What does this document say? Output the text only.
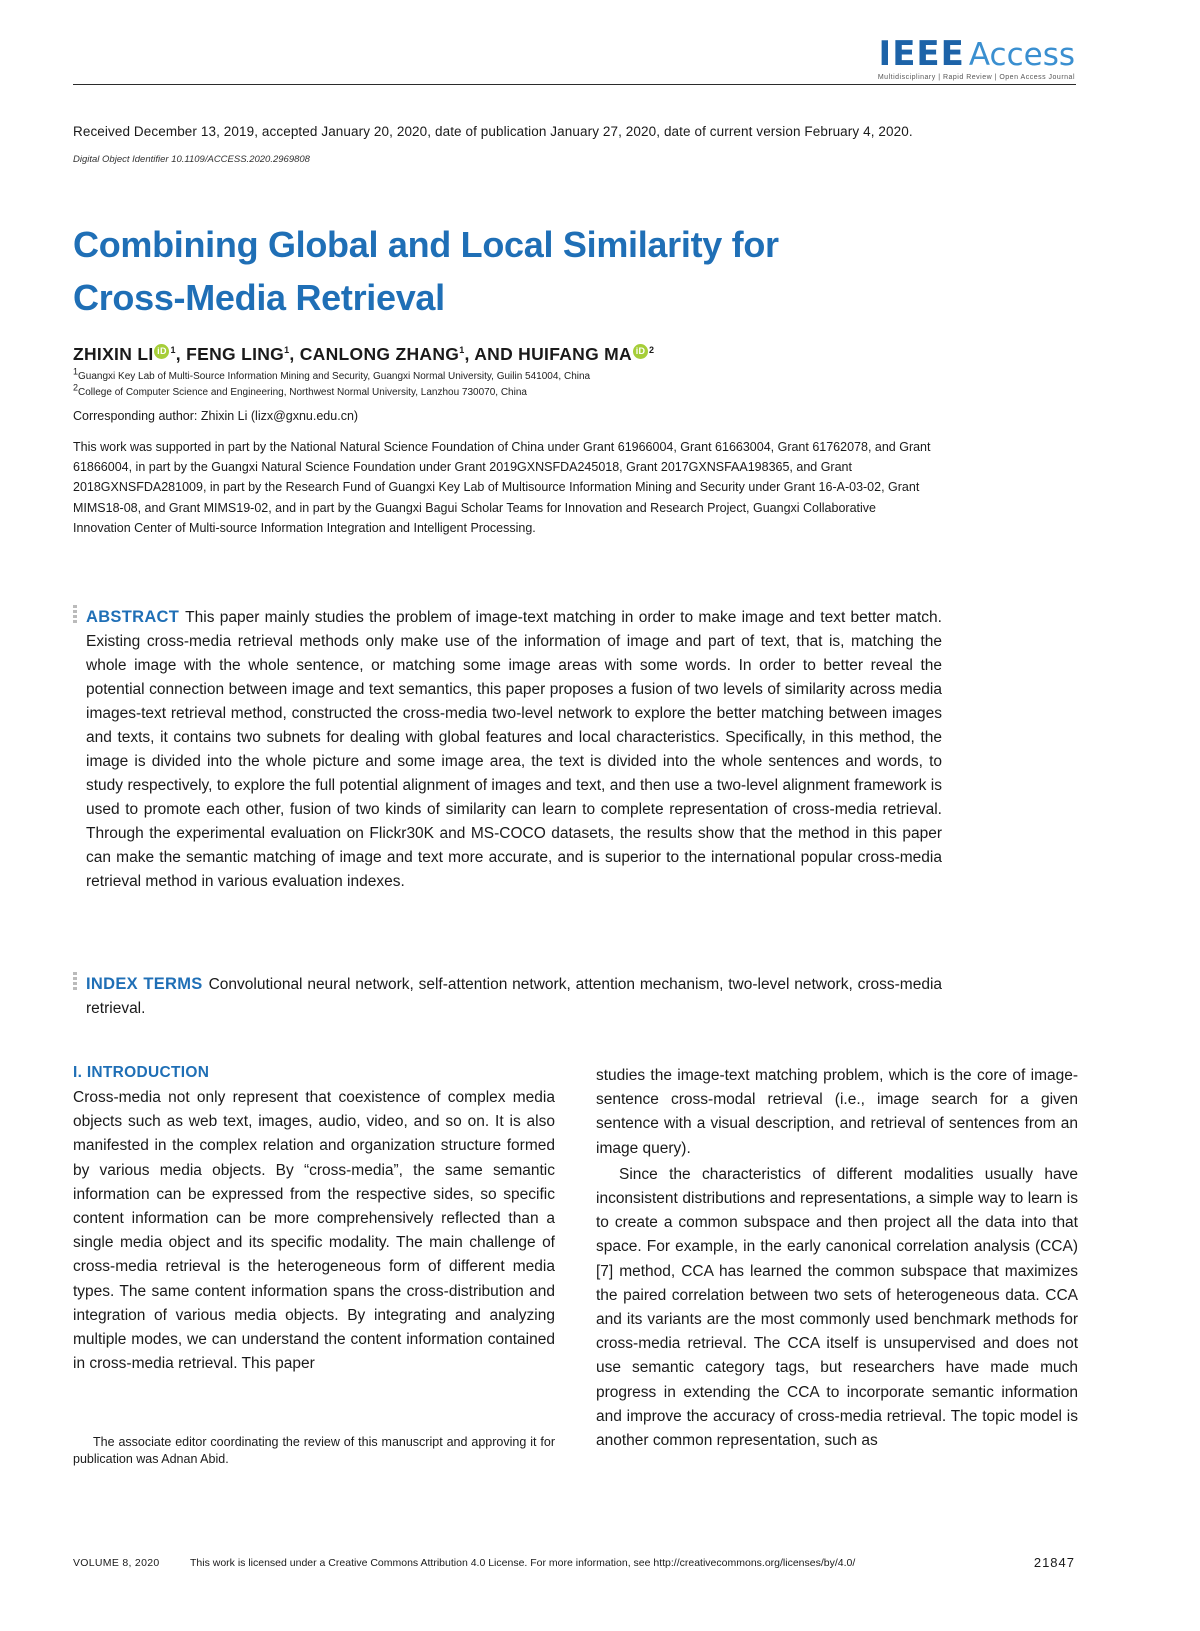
IEEE Access
Multidisciplinary | Rapid Review | Open Access Journal
Received December 13, 2019, accepted January 20, 2020, date of publication January 27, 2020, date of current version February 4, 2020.
Digital Object Identifier 10.1109/ACCESS.2020.2969808
Combining Global and Local Similarity for
Cross-Media Retrieval
ZHIXIN LI iD $^1$, FENG LING$^1$, CANLONG ZHANG$^1$, AND HUIFANG MA iD $^2$
$^1$Guangxi Key Lab of Multi-Source Information Mining and Security, Guangxi Normal University, Guilin 541004, China
$^2$College of Computer Science and Engineering, Northwest Normal University, Lanzhou 730070, China
Corresponding author: Zhixin Li (lizx@gxnu.edu.cn)
This work was supported in part by the National Natural Science Foundation of China under Grant 61966004, Grant 61663004, Grant 61762078, and Grant 61866004, in part by the Guangxi Natural Science Foundation under Grant 2019GXNSFDA245018, Grant 2017GXNSFAA198365, and Grant 2018GXNSFDA281009, in part by the Research Fund of Guangxi Key Lab of Multisource Information Mining and Security under Grant 16-A-03-02, Grant MIMS18-08, and Grant MIMS19-02, and in part by the Guangxi Bagui Scholar Teams for Innovation and Research Project, Guangxi Collaborative Innovation Center of Multi-source Information Integration and Intelligent Processing.
ABSTRACT This paper mainly studies the problem of image-text matching in order to make image and text better match. Existing cross-media retrieval methods only make use of the information of image and part of text, that is, matching the whole image with the whole sentence, or matching some image areas with some words. In order to better reveal the potential connection between image and text semantics, this paper proposes a fusion of two levels of similarity across media images-text retrieval method, constructed the cross-media two-level network to explore the better matching between images and texts, it contains two subnets for dealing with global features and local characteristics. Specifically, in this method, the image is divided into the whole picture and some image area, the text is divided into the whole sentences and words, to study respectively, to explore the full potential alignment of images and text, and then use a two-level alignment framework is used to promote each other, fusion of two kinds of similarity can learn to complete representation of cross-media retrieval. Through the experimental evaluation on Flickr30K and MS-COCO datasets, the results show that the method in this paper can make the semantic matching of image and text more accurate, and is superior to the international popular cross-media retrieval method in various evaluation indexes.
INDEX TERMS Convolutional neural network, self-attention network, attention mechanism, two-level network, cross-media retrieval.

I. INTRODUCTION

Cross-media not only represent that coexistence of complex media objects such as web text, images, audio, video, and so on. It is also manifested in the complex relation and organization structure formed by various media objects. By “cross-media”, the same semantic information can be expressed from the respective sides, so specific content information can be more comprehensively reflected than a single media object and its specific modality. The main challenge of cross-media retrieval is the heterogeneous form of different media types. The same content information spans the cross-distribution and integration of various media objects. By integrating and analyzing multiple modes, we can understand the content information contained in cross-media retrieval. This paper

studies the image-text matching problem, which is the core of image-sentence cross-modal retrieval (i.e., image search for a given sentence with a visual description, and retrieval of sentences from an image query).

Since the characteristics of different modalities usually have inconsistent distributions and representations, a simple way to learn is to create a common subspace and then project all the data into that space. For example, in the early canonical correlation analysis (CCA) [7] method, CCA has learned the common subspace that maximizes the paired correlation between two sets of heterogeneous data. CCA and its variants are the most commonly used benchmark methods for cross-media retrieval. The CCA itself is unsupervised and does not use semantic category tags, but researchers have made much progress in extending the CCA to incorporate semantic information and improve the accuracy of cross-media retrieval. The topic model is another common representation, such as

The associate editor coordinating the review of this manuscript and approving it for publication was Adnan Abid.
VOLUME 8, 2020	This work is licensed under a Creative Commons Attribution 4.0 License. For more information, see http://creativecommons.org/licenses/by/4.0/	21847
